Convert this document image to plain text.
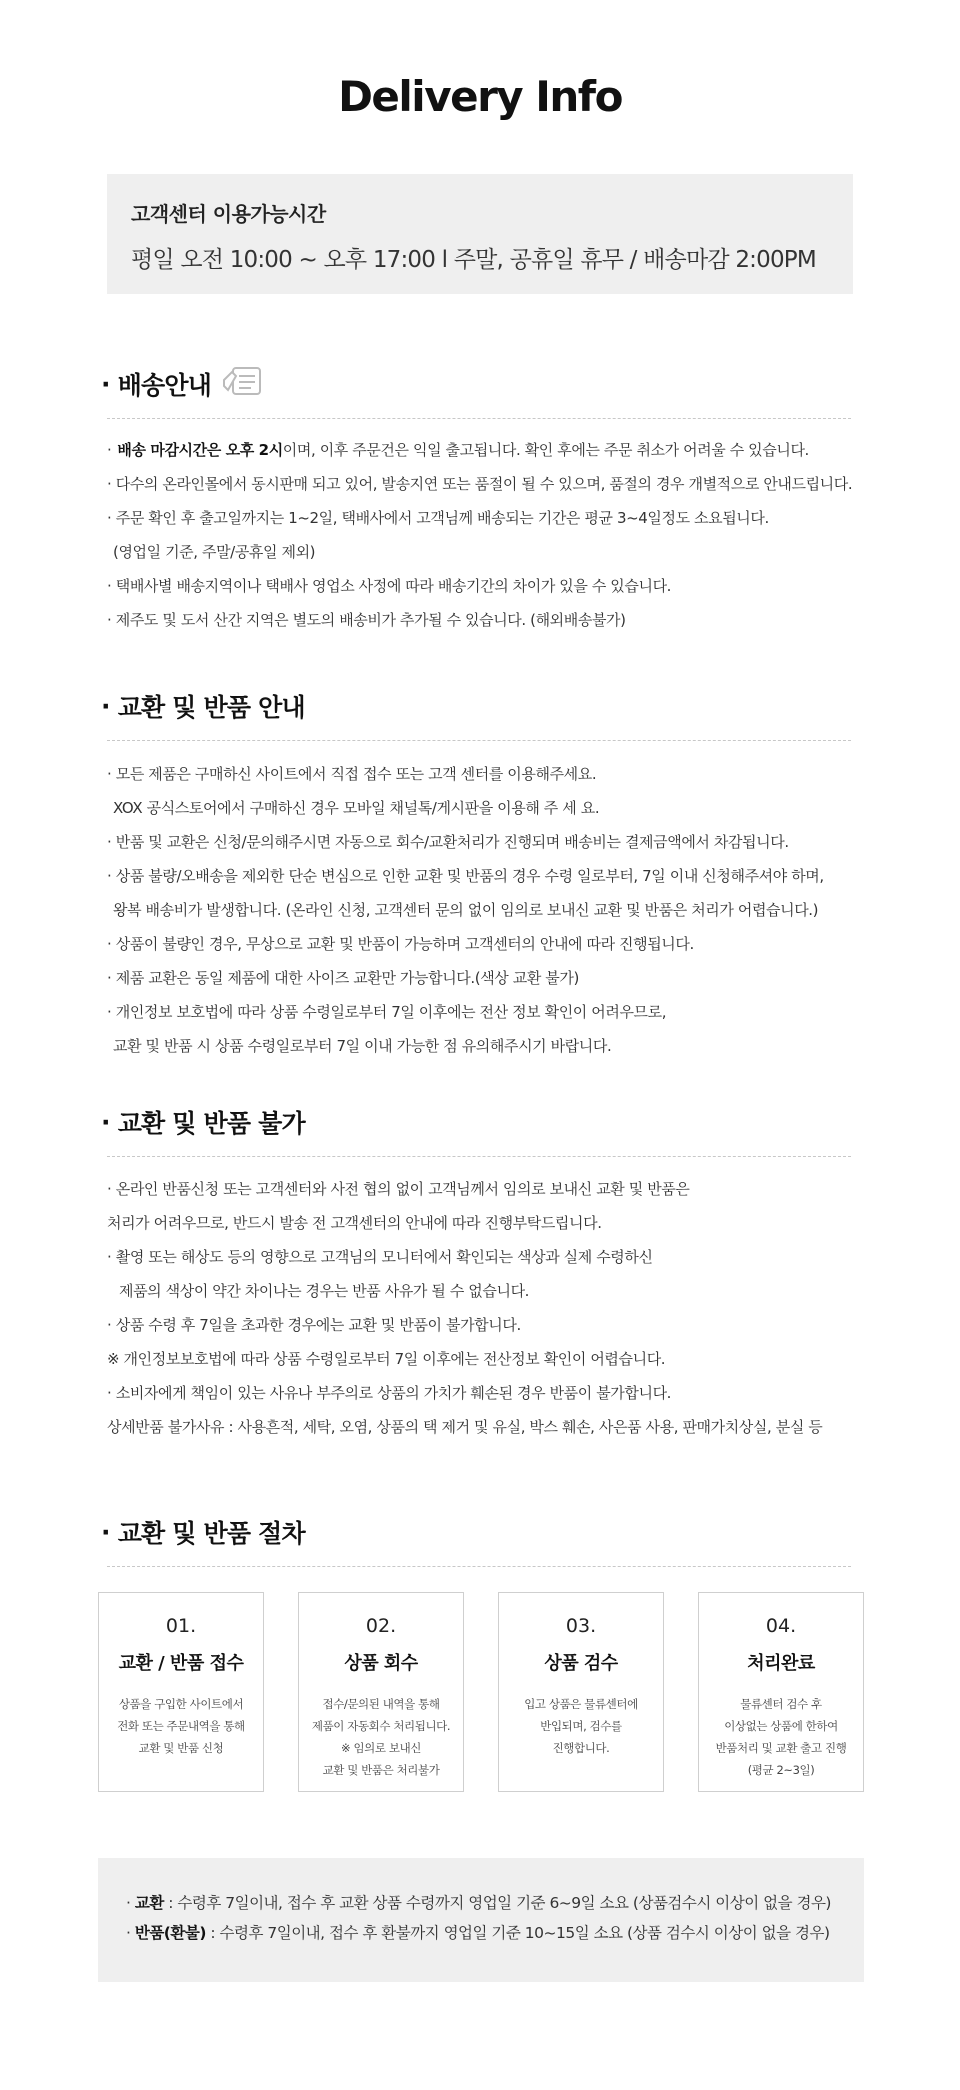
Delivery Info
고객센터 이용가능시간
평일 오전 10:00 ~ 오후 17:00 l 주말, 공휴일 휴무 / 배송마감 2:00PM
· 배송안내
· 배송 마감시간은 오후 2시이며, 이후 주문건은 익일 출고됩니다. 확인 후에는 주문 취소가 어려울 수 있습니다.
· 다수의 온라인몰에서 동시판매 되고 있어, 발송지연 또는 품절이 될 수 있으며, 품절의 경우 개별적으로 안내드립니다.
· 주문 확인 후 출고일까지는 1~2일, 택배사에서 고객님께 배송되는 기간은 평균 3~4일정도 소요됩니다.
(영업일 기준, 주말/공휴일 제외)
· 택배사별 배송지역이나 택배사 영업소 사정에 따라 배송기간의 차이가 있을 수 있습니다.
· 제주도 및 도서 산간 지역은 별도의 배송비가 추가될 수 있습니다. (해외배송불가)
· 교환 및 반품 안내
· 모든 제품은 구매하신 사이트에서 직접 접수 또는 고객 센터를 이용해주세요.
XOX 공식스토어에서 구매하신 경우 모바일 채널톡/게시판을 이용해 주 세 요.
· 반품 및 교환은 신청/문의해주시면 자동으로 회수/교환처리가 진행되며 배송비는 결제금액에서 차감됩니다.
· 상품 불량/오배송을 제외한 단순 변심으로 인한 교환 및 반품의 경우 수령 일로부터, 7일 이내 신청해주셔야 하며,
왕복 배송비가 발생합니다. (온라인 신청, 고객센터 문의 없이 임의로 보내신 교환 및 반품은 처리가 어렵습니다.)
· 상품이 불량인 경우, 무상으로 교환 및 반품이 가능하며 고객센터의 안내에 따라 진행됩니다.
· 제품 교환은 동일 제품에 대한 사이즈 교환만 가능합니다.(색상 교환 불가)
· 개인정보 보호법에 따라 상품 수령일로부터 7일 이후에는 전산 정보 확인이 어려우므로,
교환 및 반품 시 상품 수령일로부터 7일 이내 가능한 점 유의해주시기 바랍니다.
· 교환 및 반품 불가
· 온라인 반품신청 또는 고객센터와 사전 협의 없이 고객님께서 임의로 보내신 교환 및 반품은
처리가 어려우므로, 반드시 발송 전 고객센터의 안내에 따라 진행부탁드립니다.
· 촬영 또는 해상도 등의 영향으로 고객님의 모니터에서 확인되는 색상과 실제 수령하신
제품의 색상이 약간 차이나는 경우는 반품 사유가 될 수 없습니다.
· 상품 수령 후 7일을 초과한 경우에는 교환 및 반품이 불가합니다.
※ 개인정보보호법에 따라 상품 수령일로부터 7일 이후에는 전산정보 확인이 어렵습니다.
· 소비자에게 책임이 있는 사유나 부주의로 상품의 가치가 훼손된 경우 반품이 불가합니다.
상세반품 불가사유 : 사용흔적, 세탁, 오염, 상품의 택 제거 및 유실, 박스 훼손, 사은품 사용, 판매가치상실, 분실 등
· 교환 및 반품 절차
01.
교환 / 반품 접수
상품을 구입한 사이트에서
전화 또는 주문내역을 통해
교환 및 반품 신청
02.
상품 회수
접수/문의된 내역을 통해
제품이 자동회수 처리됩니다.
※ 임의로 보내신
교환 및 반품은 처리불가
03.
상품 검수
입고 상품은 물류센터에
반입되며, 검수를
진행합니다.
04.
처리완료
물류센터 검수 후
이상없는 상품에 한하여
반품처리 및 교환 출고 진행
(평균 2~3일)
· 교환 : 수령후 7일이내, 접수 후 교환 상품 수령까지 영업일 기준 6~9일 소요 (상품검수시 이상이 없을 경우)
· 반품(환불) : 수령후 7일이내, 접수 후 환불까지 영업일 기준 10~15일 소요 (상품 검수시 이상이 없을 경우)
